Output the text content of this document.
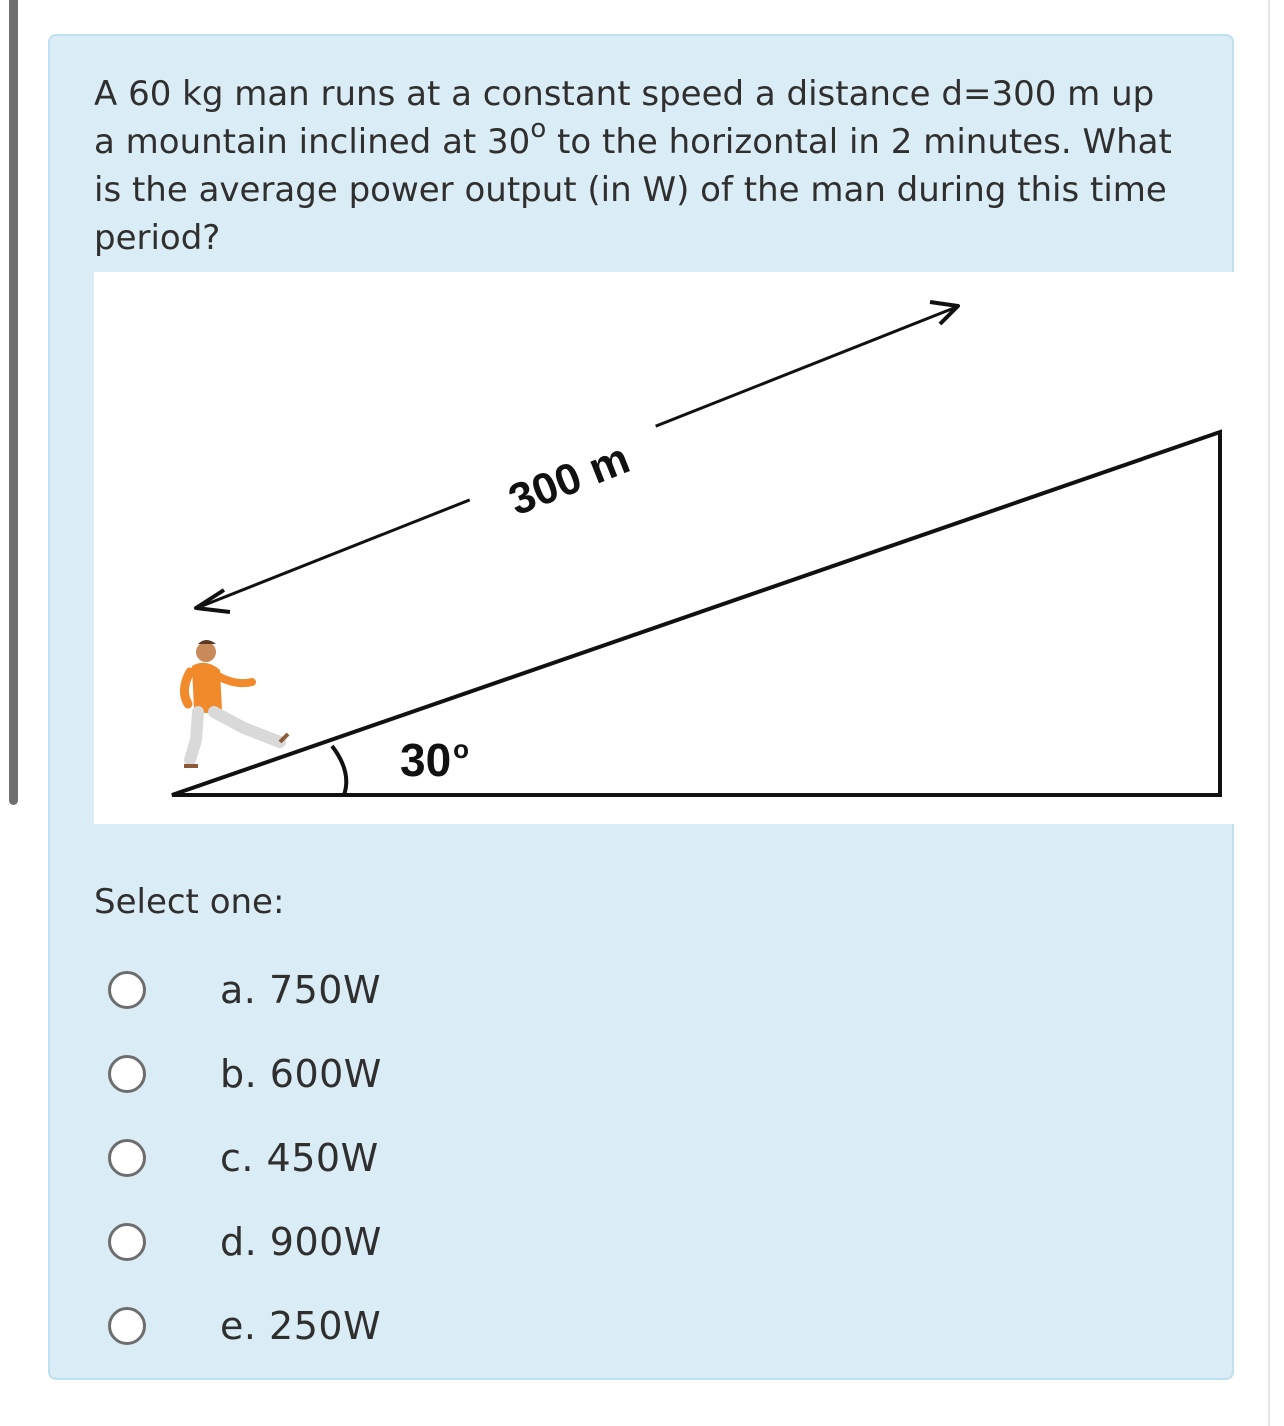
A 60 kg man runs at a constant speed a distance d=300 m up a mountain inclined at 30$^o$ to the horizontal in 2 minutes. What is the average power output (in W) of the man during this time period?

300 m
30$^o$

Select one:

a. 750W
b. 600W
c. 450W
d. 900W
e. 250W
